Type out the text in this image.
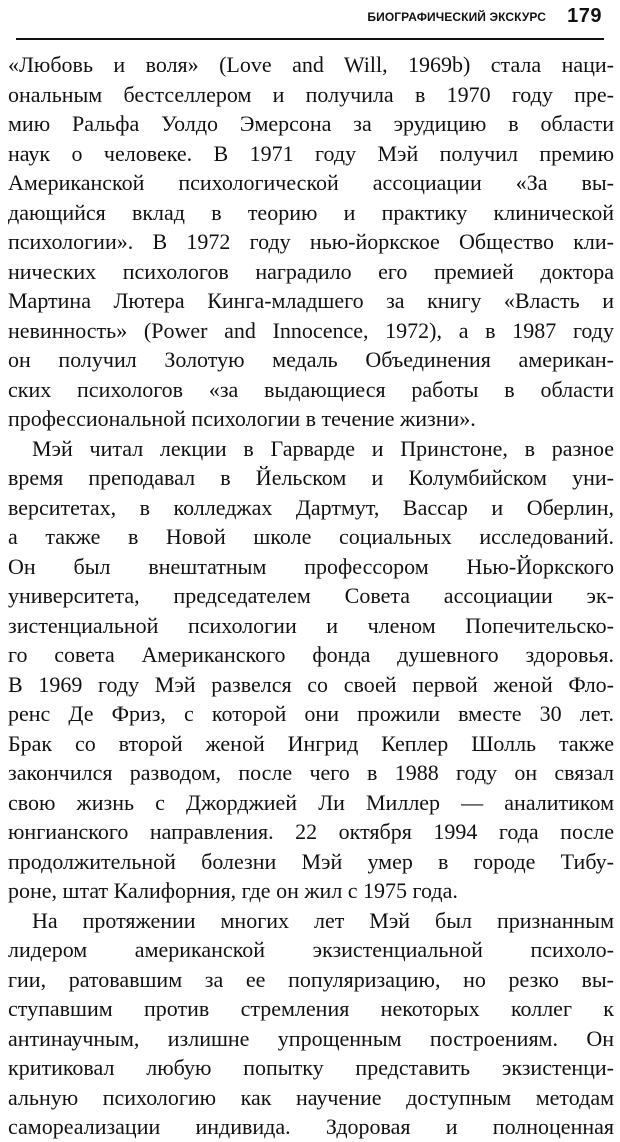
БИОГРАФИЧЕСКИЙ ЭКСКУРС 179
«Любовь и воля» (Love and Will, 1969b) стала наци-
ональным бестселлером и получила в 1970 году пре-
мию Ральфа Уолдо Эмерсона за эрудицию в области
наук о человеке. В 1971 году Мэй получил премию
Американской психологической ассоциации «За вы-
дающийся вклад в теорию и практику клинической
психологии». В 1972 году нью-йоркское Общество кли-
нических психологов наградило его премией доктора
Мартина Лютера Кинга-младшего за книгу «Власть и
невинность» (Power and Innocence, 1972), а в 1987 году
он получил Золотую медаль Объединения американ-
ских психологов «за выдающиеся работы в области
профессиональной психологии в течение жизни».
Мэй читал лекции в Гарварде и Принстоне, в разное
время преподавал в Йельском и Колумбийском уни-
верситетах, в колледжах Дартмут, Вассар и Оберлин,
а также в Новой школе социальных исследований.
Он был внештатным профессором Нью-Йоркского
университета, председателем Совета ассоциации эк-
зистенциальной психологии и членом Попечительско-
го совета Американского фонда душевного здоровья.
В 1969 году Мэй развелся со своей первой женой Фло-
ренс Де Фриз, с которой они прожили вместе 30 лет.
Брак со второй женой Ингрид Кеплер Шолль также
закончился разводом, после чего в 1988 году он связал
свою жизнь с Джорджией Ли Миллер — аналитиком
юнгианского направления. 22 октября 1994 года после
продолжительной болезни Мэй умер в городе Тибу-
роне, штат Калифорния, где он жил с 1975 года.
На протяжении многих лет Мэй был признанным
лидером американской экзистенциальной психоло-
гии, ратовавшим за ее популяризацию, но резко вы-
ступавшим против стремления некоторых коллег к
антинаучным, излишне упрощенным построениям. Он
критиковал любую попытку представить экзистенци-
альную психологию как научение доступным методам
самореализации индивида. Здоровая и полноценная
